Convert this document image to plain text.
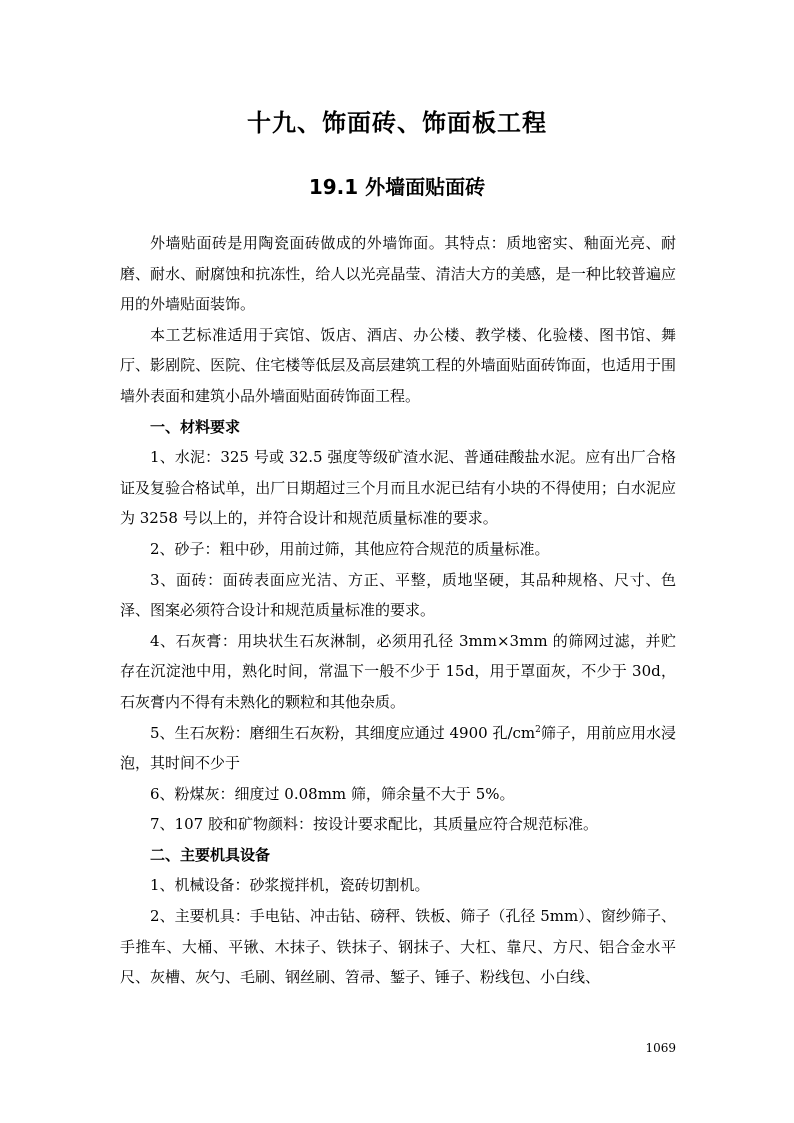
十九、饰面砖、饰面板工程
19.1 外墙面贴面砖

外墙贴面砖是用陶瓷面砖做成的外墙饰面。其特点：质地密实、釉面光亮、耐磨、耐水、耐腐蚀和抗冻性，给人以光亮晶莹、清洁大方的美感，是一种比较普遍应用的外墙贴面装饰。

本工艺标准适用于宾馆、饭店、酒店、办公楼、教学楼、化验楼、图书馆、舞厅、影剧院、医院、住宅楼等低层及高层建筑工程的外墙面贴面砖饰面，也适用于围墙外表面和建筑小品外墙面贴面砖饰面工程。

一、材料要求

1、水泥：325 号或 32.5 强度等级矿渣水泥、普通硅酸盐水泥。应有出厂合格证及复验合格试单，出厂日期超过三个月而且水泥已结有小块的不得使用；白水泥应为 3258 号以上的，并符合设计和规范质量标准的要求。

2、砂子：粗中砂，用前过筛，其他应符合规范的质量标准。

3、面砖：面砖表面应光洁、方正、平整，质地坚硬，其品种规格、尺寸、色泽、图案必须符合设计和规范质量标准的要求。

4、石灰膏：用块状生石灰淋制，必须用孔径 3mm×3mm 的筛网过滤，并贮存在沉淀池中用，熟化时间，常温下一般不少于 15d，用于罩面灰，不少于 30d，石灰膏内不得有未熟化的颗粒和其他杂质。

5、生石灰粉：磨细生石灰粉，其细度应通过 4900 孔$/cm^2$筛子，用前应用水浸泡，其时间不少于

6、粉煤灰：细度过 0.08mm 筛，筛余量不大于 5%。

7、107 胶和矿物颜料：按设计要求配比，其质量应符合规范标准。

二、主要机具设备

1、机械设备：砂浆搅拌机，瓷砖切割机。

2、主要机具：手电钻、冲击钻、磅秤、铁板、筛子（孔径 5mm）、窗纱筛子、手推车、大桶、平锹、木抹子、铁抹子、钢抹子、大杠、靠尺、方尺、铝合金水平尺、灰槽、灰勺、毛刷、钢丝刷、笤帚、錾子、锤子、粉线包、小白线、

1069
